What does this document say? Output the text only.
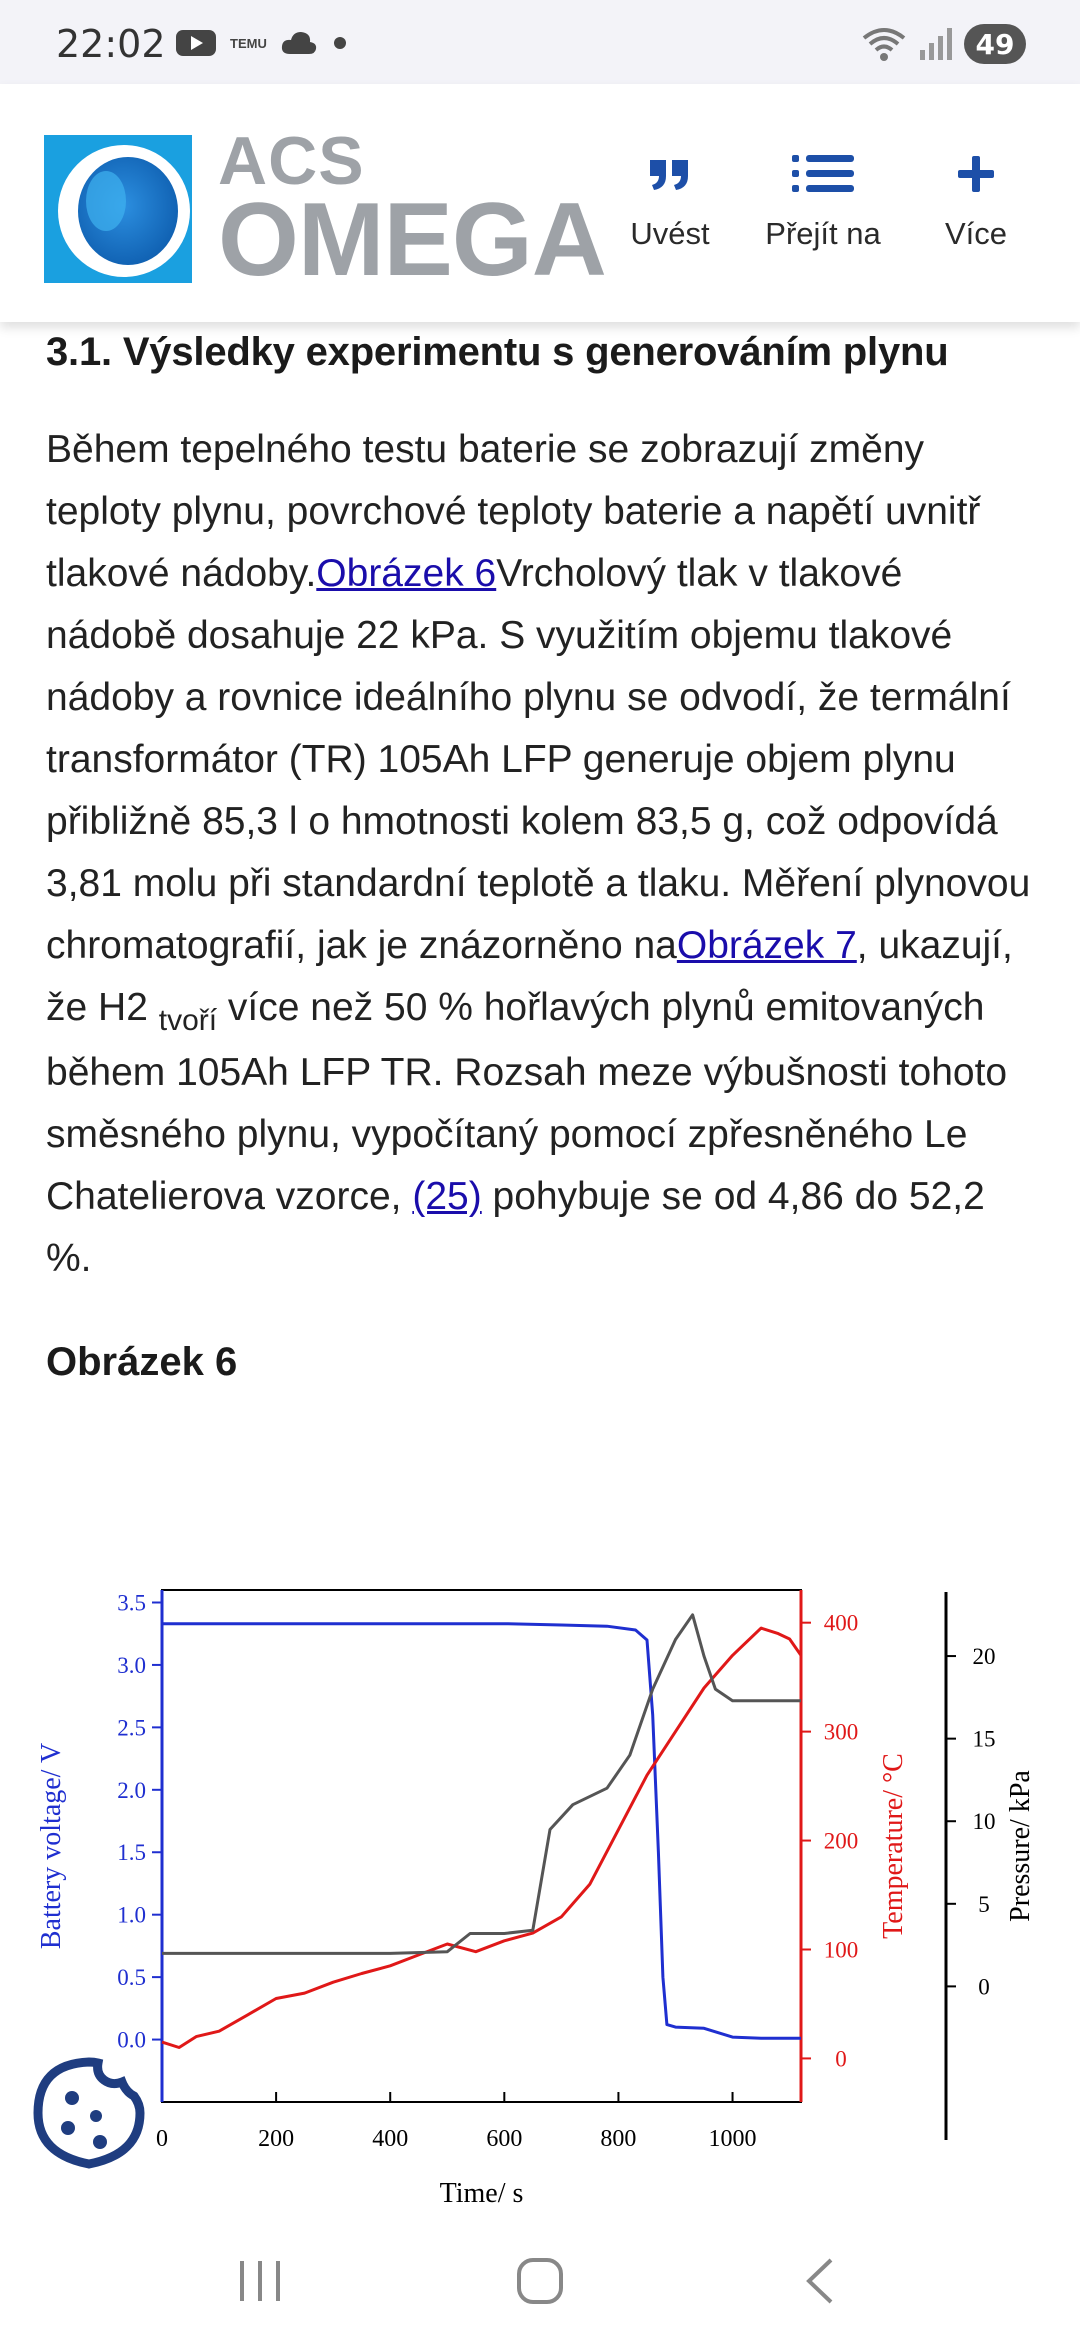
22:02	TEMU	49
ACS
OMEGA Uvést Přejít na Více
3.1. Výsledky experimentu s generováním plynu

Během tepelného testu baterie se zobrazují změny teploty plynu, povrchové teploty baterie a napětí uvnitř tlakové nádoby.Obrázek 6Vrcholový tlak v tlakové nádobě dosahuje 22 kPa. S využitím objemu tlakové nádoby a rovnice ideálního plynu se odvodí, že termální transformátor (TR) 105Ah LFP generuje objem plynu přibližně 85,3 l o hmotnosti kolem 83,5 g, což odpovídá 3,81 molu při standardní teplotě a tlaku. Měření plynovou chromatografií, jak je znázorněno naObrázek 7, ukazují, že H2 $_{tvoří}$ více než 50 % hořlavých plynů emitovaných během 105Ah LFP TR. Rozsah meze výbušnosti tohoto směsného plynu, vypočítaný pomocí zpřesněného Le Chatelierova vzorce, (25) pohybuje se od 4,86 do 52,2 %.

Obrázek 6
0	200	400	600	800	1000
Time/ s
0.0
0.5
1.0
1.5
2.0
2.5
3.0
3.5
Battery voltage/ V
0
100
200
300
400
Temperature/ °C
0
5
10
15
20
Pressure/ kPa
